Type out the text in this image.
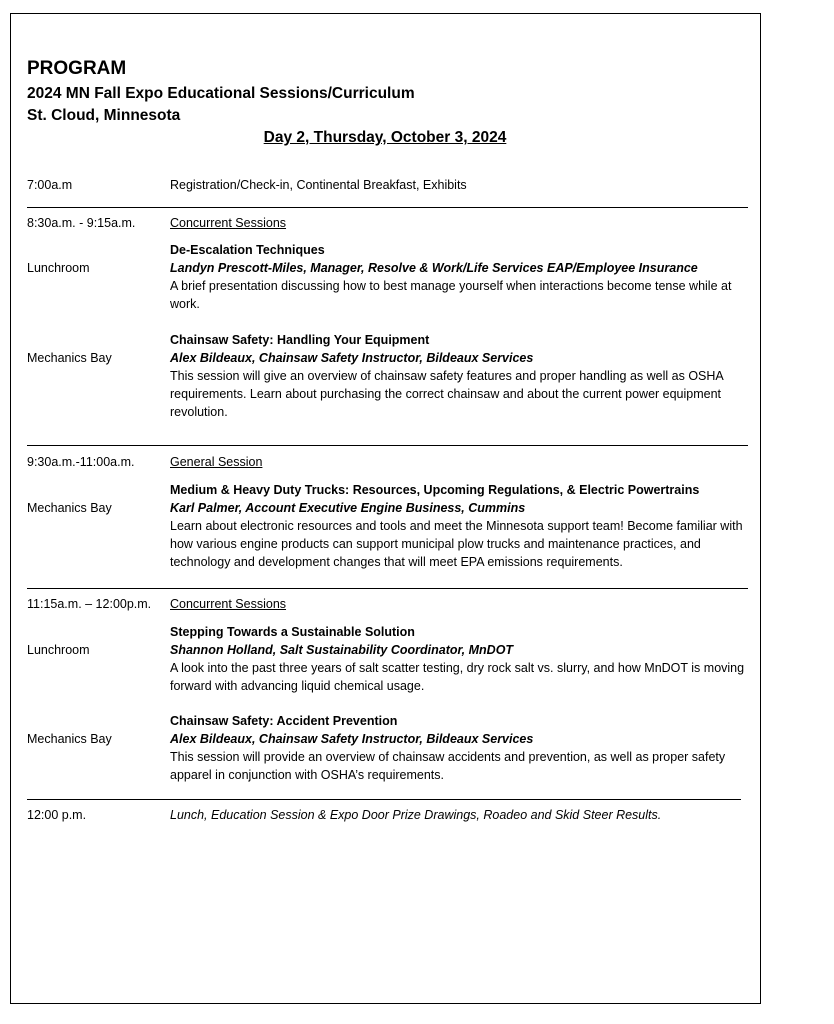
PROGRAM
2024 MN Fall Expo Educational Sessions/Curriculum
St. Cloud, Minnesota
Day 2, Thursday, October 3, 2024
7:00a.m	Registration/Check-in, Continental Breakfast, Exhibits
8:30a.m. - 9:15a.m.	Concurrent Sessions
De-Escalation Techniques
Lunchroom	Landyn Prescott-Miles, Manager, Resolve & Work/Life Services EAP/Employee Insurance
A brief presentation discussing how to best manage yourself when interactions become tense while at work.
Chainsaw Safety: Handling Your Equipment
Mechanics Bay	Alex Bildeaux, Chainsaw Safety Instructor, Bildeaux Services
This session will give an overview of chainsaw safety features and proper handling as well as OSHA requirements. Learn about purchasing the correct chainsaw and about the current power equipment revolution.
9:30a.m.-11:00a.m.	General Session
Medium & Heavy Duty Trucks: Resources, Upcoming Regulations, & Electric Powertrains
Mechanics Bay	Karl Palmer, Account Executive Engine Business, Cummins
Learn about electronic resources and tools and meet the Minnesota support team! Become familiar with how various engine products can support municipal plow trucks and maintenance practices, and technology and development changes that will meet EPA emissions requirements.
11:15a.m. – 12:00p.m. Concurrent Sessions
Stepping Towards a Sustainable Solution
Lunchroom	Shannon Holland, Salt Sustainability Coordinator, MnDOT
A look into the past three years of salt scatter testing, dry rock salt vs. slurry, and how MnDOT is moving forward with advancing liquid chemical usage.
Chainsaw Safety: Accident Prevention
Mechanics Bay	Alex Bildeaux, Chainsaw Safety Instructor, Bildeaux Services
This session will provide an overview of chainsaw accidents and prevention, as well as proper safety apparel in conjunction with OSHA’s requirements.
12:00 p.m.	Lunch, Education Session & Expo Door Prize Drawings, Roadeo and Skid Steer Results.
